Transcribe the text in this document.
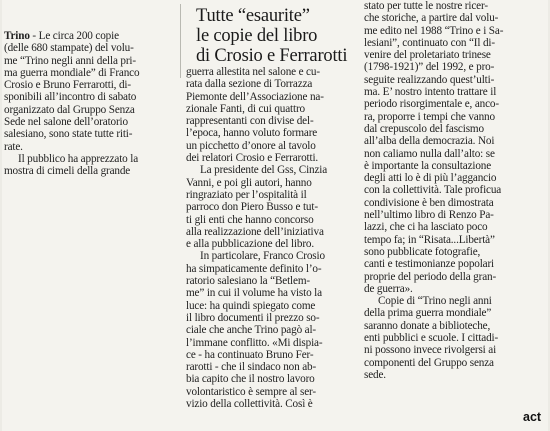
Tutte “esaurite”
le copie del libro
di Crosio e Ferrarotti
Trino - Le circa 200 copie
(delle 680 stampate) del volu-
me “Trino negli anni della pri-
ma guerra mondiale” di Franco
Crosio e Bruno Ferrarotti, di-
sponibili all’incontro di sabato
organizzato dal Gruppo Senza
Sede nel salone dell’oratorio
salesiano, sono state tutte riti-
rate.
Il pubblico ha apprezzato la
mostra di cimeli della grande
guerra allestita nel salone e cu-
rata dalla sezione di Torrazza
Piemonte dell’Associazione na-
zionale Fanti, di cui quattro
rappresentanti con divise del-
l’epoca, hanno voluto formare
un picchetto d’onore al tavolo
dei relatori Crosio e Ferrarotti.
La presidente del Gss, Cinzia
Vanni, e poi gli autori, hanno
ringraziato per l’ospitalità il
parroco don Piero Busso e tut-
ti gli enti che hanno concorso
alla realizzazione dell’iniziativa
e alla pubblicazione del libro.
In particolare, Franco Crosio
ha simpaticamente definito l’o-
ratorio salesiano la “Betlem-
me” in cui il volume ha visto la
luce: ha quindi spiegato come
il libro documenti il prezzo so-
ciale che anche Trino pagò al-
l’immane conflitto. «Mi dispia-
ce - ha continuato Bruno Fer-
rarotti - che il sindaco non ab-
bia capito che il nostro lavoro
volontaristico è sempre al ser-
vizio della collettività. Così è
stato per tutte le nostre ricer-
che storiche, a partire dal volu-
me edito nel 1988 “Trino e i Sa-
lesiani”, continuato con “Il di-
venire del proletariato trinese
(1798-1921)” del 1992, e pro-
seguite realizzando quest’ulti-
ma. E’ nostro intento trattare il
periodo risorgimentale e, anco-
ra, proporre i tempi che vanno
dal crepuscolo del fascismo
all’alba della democrazia. Noi
non caliamo nulla dall’alto: se
è importante la consultazione
degli atti lo è di più l’aggancio
con la collettività. Tale proficua
condivisione è ben dimostrata
nell’ultimo libro di Renzo Pa-
lazzi, che ci ha lasciato poco
tempo fa; in “Risata...Libertà”
sono pubblicate fotografie,
canti e testimonianze popolari
proprie del periodo della gran-
de guerra».
Copie di “Trino negli anni
della prima guerra mondiale”
saranno donate a biblioteche,
enti pubblici e scuole. I cittadi-
ni possono invece rivolgersi ai
componenti del Gruppo senza
sede.
act
